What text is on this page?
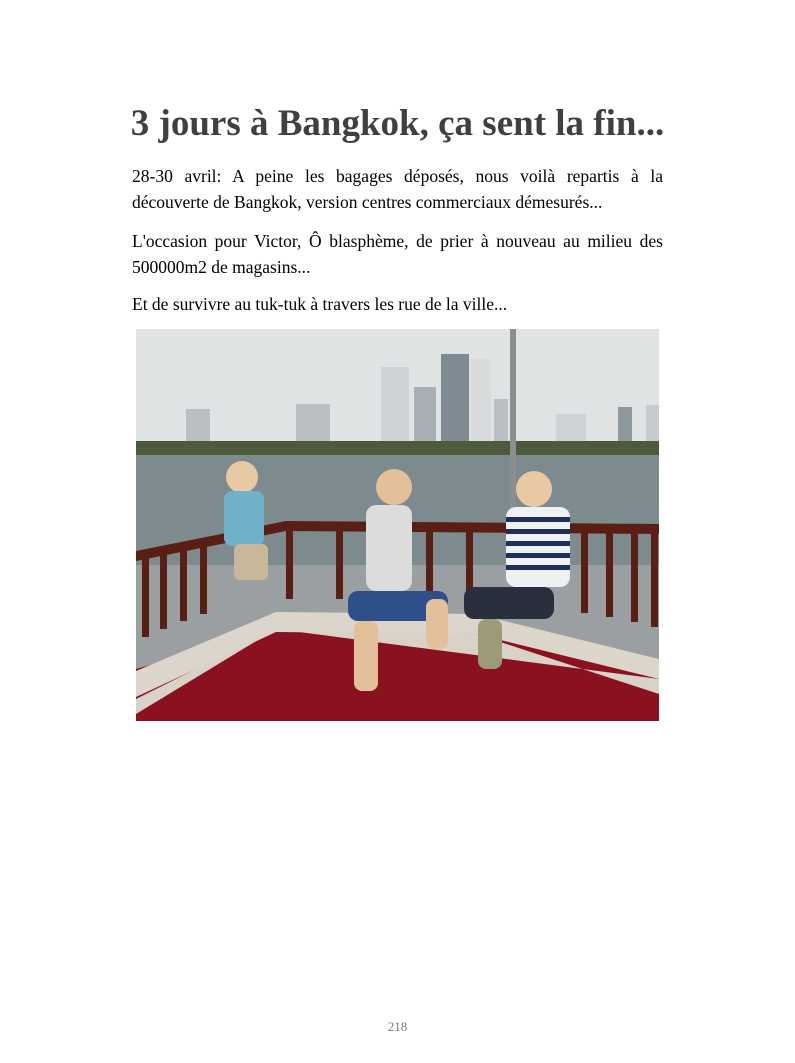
3 jours à Bangkok, ça sent la fin...

28-30 avril: A peine les bagages déposés, nous voilà repartis à la découverte de Bangkok, version centres commerciaux démesurés...

L'occasion pour Victor, Ô blasphème, de prier à nouveau au milieu des 500000m2 de magasins...

Et de survivre au tuk-tuk à travers les rue de la ville...

218
